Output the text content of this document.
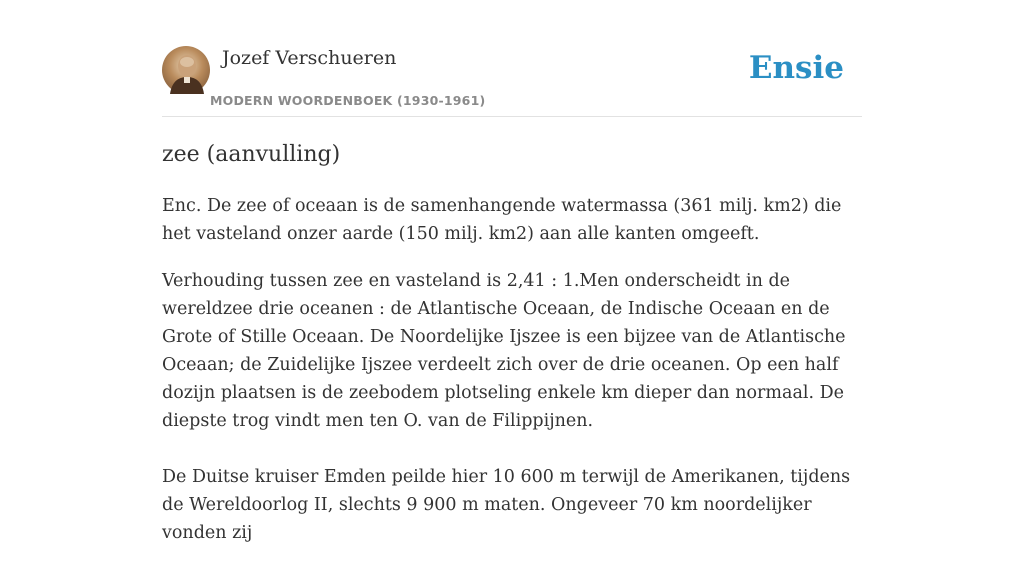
Jozef Verschueren
MODERN WOORDENBOEK (1930-1961)
Ensie
zee (aanvulling)

Enc. De zee of oceaan is de samenhangende watermassa (361 milj. km2) die het vasteland onzer aarde (150 milj. km2) aan alle kanten omgeeft.

Verhouding tussen zee en vasteland is 2,41 : 1.Men onderscheidt in de wereldzee drie oceanen : de Atlantische Oceaan, de Indische Oceaan en de Grote of Stille Oceaan. De Noordelijke Ijszee is een bijzee van de Atlantische Oceaan; de Zuidelijke Ijszee verdeelt zich over de drie oceanen. Op een half dozijn plaatsen is de zeebodem plotseling enkele km dieper dan normaal. De diepste trog vindt men ten O. van de Filippijnen.

De Duitse kruiser Emden peilde hier 10 600 m terwijl de Amerikanen, tijdens de Wereldoorlog II, slechts 9 900 m maten. Ongeveer 70 km noordelijker vonden zij
